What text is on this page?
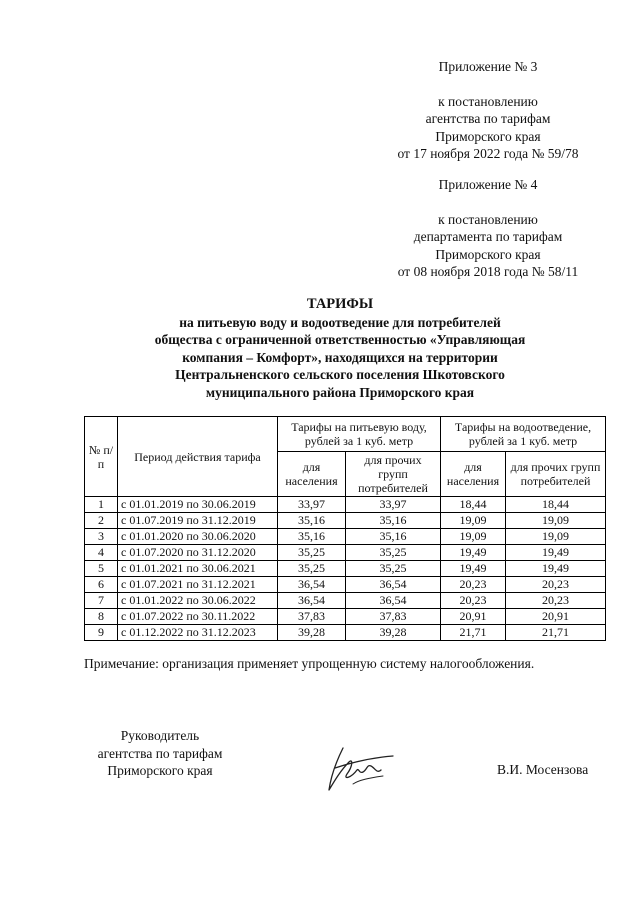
Приложение № 3
к постановлению
агентства по тарифам
Приморского края
от 17 ноября 2022 года № 59/78
Приложение № 4
к постановлению
департамента по тарифам
Приморского края
от 08 ноября 2018 года № 58/11
ТАРИФЫ
на питьевую воду и водоотведение для потребителей
общества с ограниченной ответственностью «Управляющая
компания – Комфорт», находящихся на территории
Центральненского сельского поселения Шкотовского
муниципального района Приморского края
№ п/п	Период действия тарифа	Тарифы на питьевую воду, рублей за 1 куб. метр		Тарифы на водоотведение, рублей за 1 куб. метр	
		для населения	для прочих групп потребителей	для населения	для прочих групп потребителей
1	с 01.01.2019 по 30.06.2019	33,97	33,97	18,44	18,44
2	с 01.07.2019 по 31.12.2019	35,16	35,16	19,09	19,09
3	с 01.01.2020 по 30.06.2020	35,16	35,16	19,09	19,09
4	с 01.07.2020 по 31.12.2020	35,25	35,25	19,49	19,49
5	с 01.01.2021 по 30.06.2021	35,25	35,25	19,49	19,49
6	с 01.07.2021 по 31.12.2021	36,54	36,54	20,23	20,23
7	с 01.01.2022 по 30.06.2022	36,54	36,54	20,23	20,23
8	с 01.07.2022 по 30.11.2022	37,83	37,83	20,91	20,91
9	с 01.12.2022 по 31.12.2023	39,28	39,28	21,71	21,71
Примечание: организация применяет упрощенную систему налогообложения.
Руководитель
агентства по тарифам
Приморского края	В.И. Мосензова
